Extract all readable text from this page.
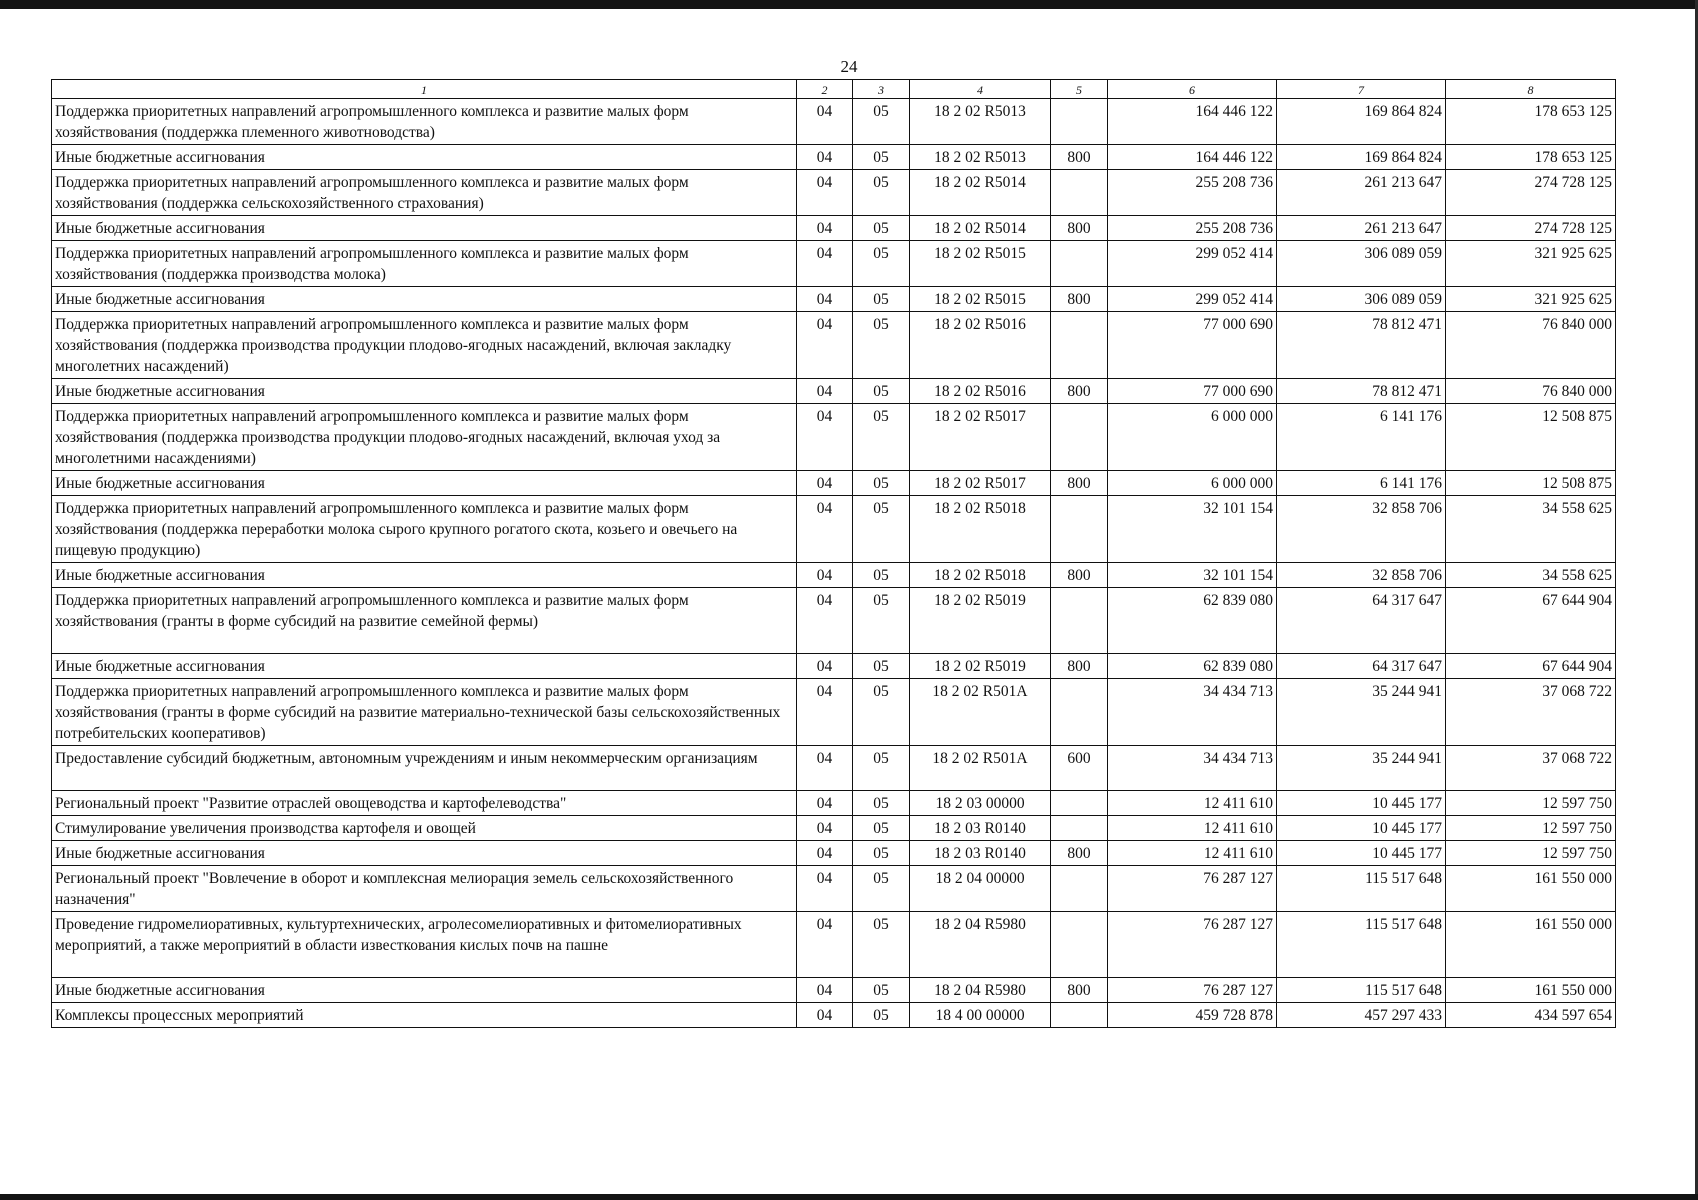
24
1	2	3	4	5	6	7	8
Поддержка приоритетных направлений агропромышленного комплекса и развитие малых форм хозяйствования (поддержка племенного животноводства)	04	05	18 2 02 R5013		164 446 122	169 864 824	178 653 125
Иные бюджетные ассигнования	04	05	18 2 02 R5013	800	164 446 122	169 864 824	178 653 125
Поддержка приоритетных направлений агропромышленного комплекса и развитие малых форм хозяйствования (поддержка сельскохозяйственного страхования)	04	05	18 2 02 R5014		255 208 736	261 213 647	274 728 125
Иные бюджетные ассигнования	04	05	18 2 02 R5014	800	255 208 736	261 213 647	274 728 125
Поддержка приоритетных направлений агропромышленного комплекса и развитие малых форм хозяйствования (поддержка производства молока)	04	05	18 2 02 R5015		299 052 414	306 089 059	321 925 625
Иные бюджетные ассигнования	04	05	18 2 02 R5015	800	299 052 414	306 089 059	321 925 625
Поддержка приоритетных направлений агропромышленного комплекса и развитие малых форм хозяйствования (поддержка производства продукции плодово-ягодных насаждений, включая закладку многолетних насаждений)	04	05	18 2 02 R5016		77 000 690	78 812 471	76 840 000
Иные бюджетные ассигнования	04	05	18 2 02 R5016	800	77 000 690	78 812 471	76 840 000
Поддержка приоритетных направлений агропромышленного комплекса и развитие малых форм хозяйствования (поддержка производства продукции плодово-ягодных насаждений, включая уход за многолетними насаждениями)	04	05	18 2 02 R5017		6 000 000	6 141 176	12 508 875
Иные бюджетные ассигнования	04	05	18 2 02 R5017	800	6 000 000	6 141 176	12 508 875
Поддержка приоритетных направлений агропромышленного комплекса и развитие малых форм хозяйствования (поддержка переработки молока сырого крупного рогатого скота, козьего и овечьего на пищевую продукцию)	04	05	18 2 02 R5018		32 101 154	32 858 706	34 558 625
Иные бюджетные ассигнования	04	05	18 2 02 R5018	800	32 101 154	32 858 706	34 558 625
Поддержка приоритетных направлений агропромышленного комплекса и развитие малых форм хозяйствования (гранты в форме субсидий на развитие семейной фермы)	04	05	18 2 02 R5019		62 839 080	64 317 647	67 644 904
Иные бюджетные ассигнования	04	05	18 2 02 R5019	800	62 839 080	64 317 647	67 644 904
Поддержка приоритетных направлений агропромышленного комплекса и развитие малых форм хозяйствования (гранты в форме субсидий на развитие материально-технической базы сельскохозяйственных потребительских кооперативов)	04	05	18 2 02 R501A		34 434 713	35 244 941	37 068 722
Предоставление субсидий бюджетным, автономным учреждениям и иным некоммерческим организациям	04	05	18 2 02 R501A	600	34 434 713	35 244 941	37 068 722
Региональный проект "Развитие отраслей овощеводства и картофелеводства"	04	05	18 2 03 00000		12 411 610	10 445 177	12 597 750
Стимулирование увеличения производства картофеля и овощей	04	05	18 2 03 R0140		12 411 610	10 445 177	12 597 750
Иные бюджетные ассигнования	04	05	18 2 03 R0140	800	12 411 610	10 445 177	12 597 750
Региональный проект "Вовлечение в оборот и комплексная мелиорация земель сельскохозяйственного назначения"	04	05	18 2 04 00000		76 287 127	115 517 648	161 550 000
Проведение гидромелиоративных, культуртехнических, агролесомелиоративных и фитомелиоративных мероприятий, а также мероприятий в области известкования кислых почв на пашне	04	05	18 2 04 R5980		76 287 127	115 517 648	161 550 000
Иные бюджетные ассигнования	04	05	18 2 04 R5980	800	76 287 127	115 517 648	161 550 000
Комплексы процессных мероприятий	04	05	18 4 00 00000		459 728 878	457 297 433	434 597 654
